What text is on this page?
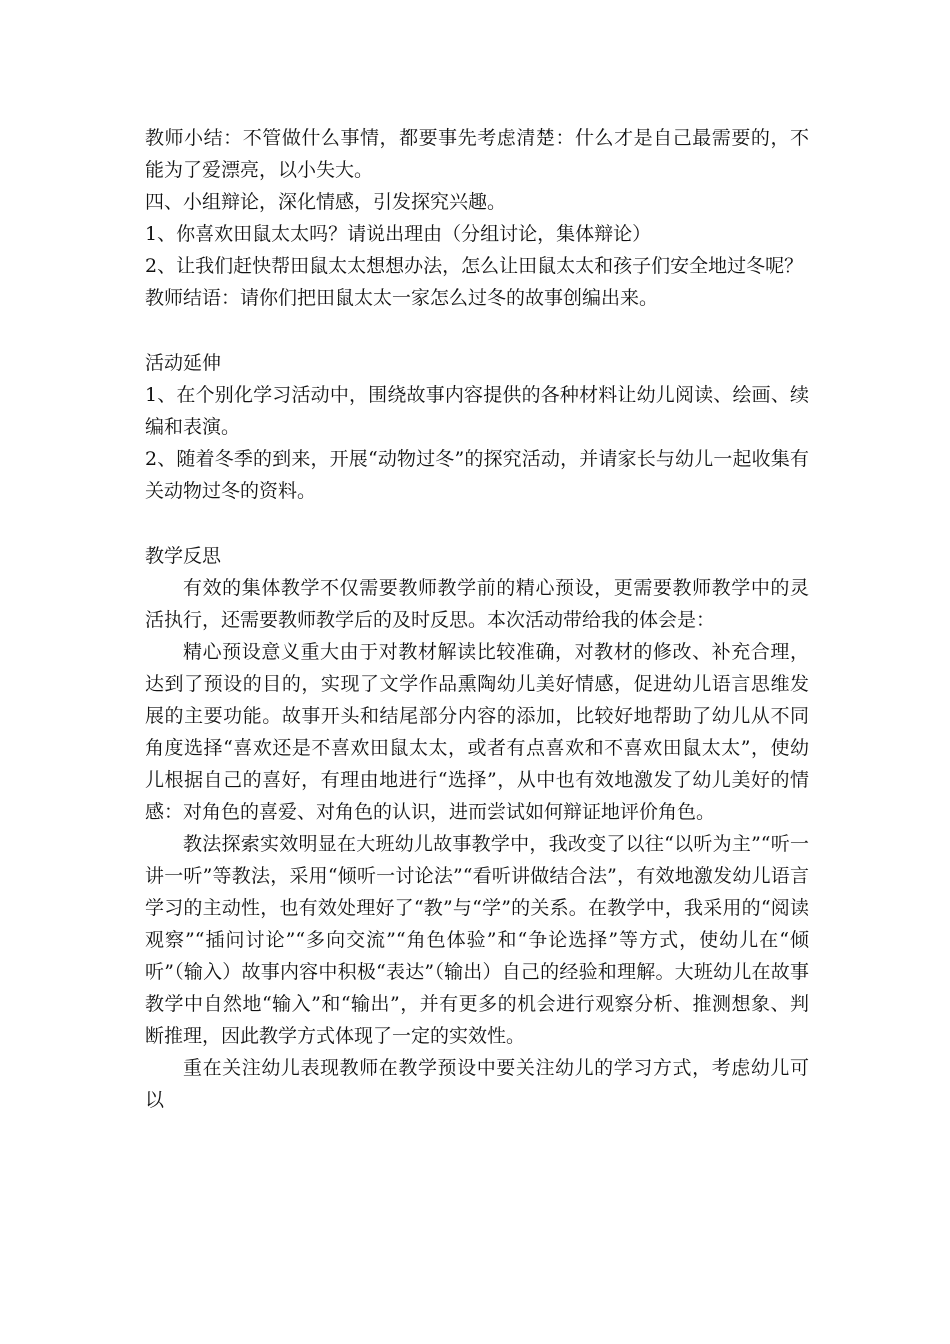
教师小结：不管做什么事情，都要事先考虑清楚：什么才是自己最需要的，不能为了爱漂亮，以小失大。

四、小组辩论，深化情感，引发探究兴趣。

1、你喜欢田鼠太太吗？请说出理由（分组讨论，集体辩论）

2、让我们赶快帮田鼠太太想想办法，怎么让田鼠太太和孩子们安全地过冬呢？

教师结语：请你们把田鼠太太一家怎么过冬的故事创编出来。

活动延伸

1、在个别化学习活动中，围绕故事内容提供的各种材料让幼儿阅读、绘画、续编和表演。

2、随着冬季的到来，开展“动物过冬”的探究活动，并请家长与幼儿一起收集有关动物过冬的资料。

教学反思

有效的集体教学不仅需要教师教学前的精心预设，更需要教师教学中的灵活执行，还需要教师教学后的及时反思。本次活动带给我的体会是：

精心预设意义重大由于对教材解读比较准确，对教材的修改、补充合理，达到了预设的目的，实现了文学作品熏陶幼儿美好情感，促进幼儿语言思维发展的主要功能。故事开头和结尾部分内容的添加，比较好地帮助了幼儿从不同角度选择“喜欢还是不喜欢田鼠太太，或者有点喜欢和不喜欢田鼠太太”，使幼儿根据自己的喜好，有理由地进行“选择”，从中也有效地激发了幼儿美好的情感：对角色的喜爱、对角色的认识，进而尝试如何辩证地评价角色。

教法探索实效明显在大班幼儿故事教学中，我改变了以往“以听为主”“听一讲一听”等教法，采用“倾听一讨论法”“看听讲做结合法”，有效地激发幼儿语言学习的主动性，也有效处理好了“教”与“学”的关系。在教学中，我采用的“阅读观察”“插问讨论”“多向交流”“角色体验”和“争论选择”等方式，使幼儿在“倾听”（输入）故事内容中积极“表达”（输出）自己的经验和理解。大班幼儿在故事教学中自然地“输入”和“输出”，并有更多的机会进行观察分析、推测想象、判断推理，因此教学方式体现了一定的实效性。

重在关注幼儿表现教师在教学预设中要关注幼儿的学习方式，考虑幼儿可以
